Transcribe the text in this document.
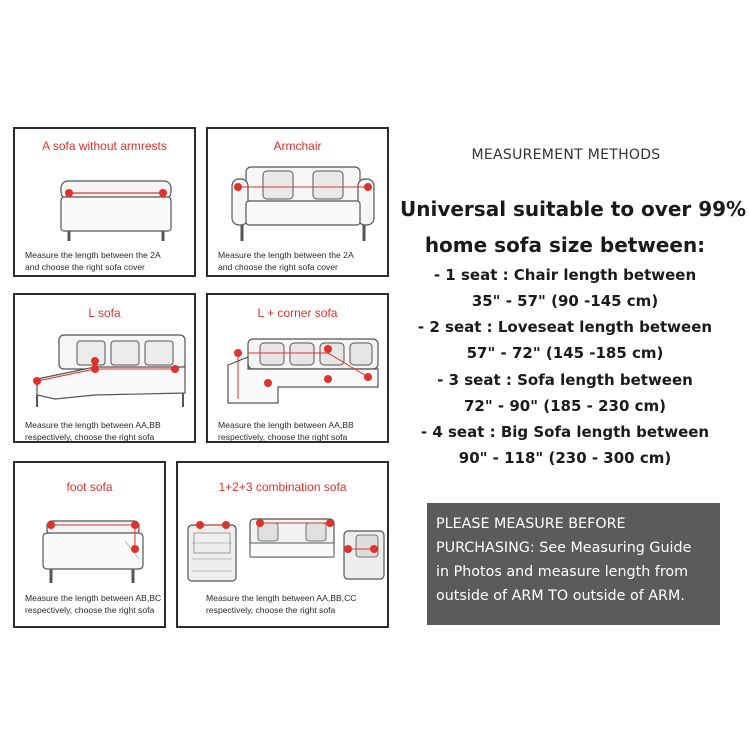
A sofa without armrests
Measure the length between the 2A
and choose the right sofa cover
Armchair
Measure the length between the 2A
and choose the right sofa cover
L sofa
Measure the length between AA,BB
respectively, choose the right sofa
L + corner sofa
Measure the length between AA,BB
respectively, choose the right sofa
foot sofa
Measure the length between AB,BC
respectively, choose the right sofa
1+2+3 combination sofa
Measure the length between AA,BB,CC
respectively, choose the right sofa
MEASUREMENT METHODS
Universal suitable to over 99%
home sofa size between:
- 1 seat : Chair length between
35" - 57" (90 -145 cm)
- 2 seat : Loveseat length between
57" - 72" (145 -185 cm)
- 3 seat : Sofa length between
72" - 90" (185 - 230 cm)
- 4 seat : Big Sofa length between
90" - 118" (230 - 300 cm)
PLEASE MEASURE BEFORE
PURCHASING: See Measuring Guide
in Photos and measure length from
outside of ARM TO outside of ARM.
